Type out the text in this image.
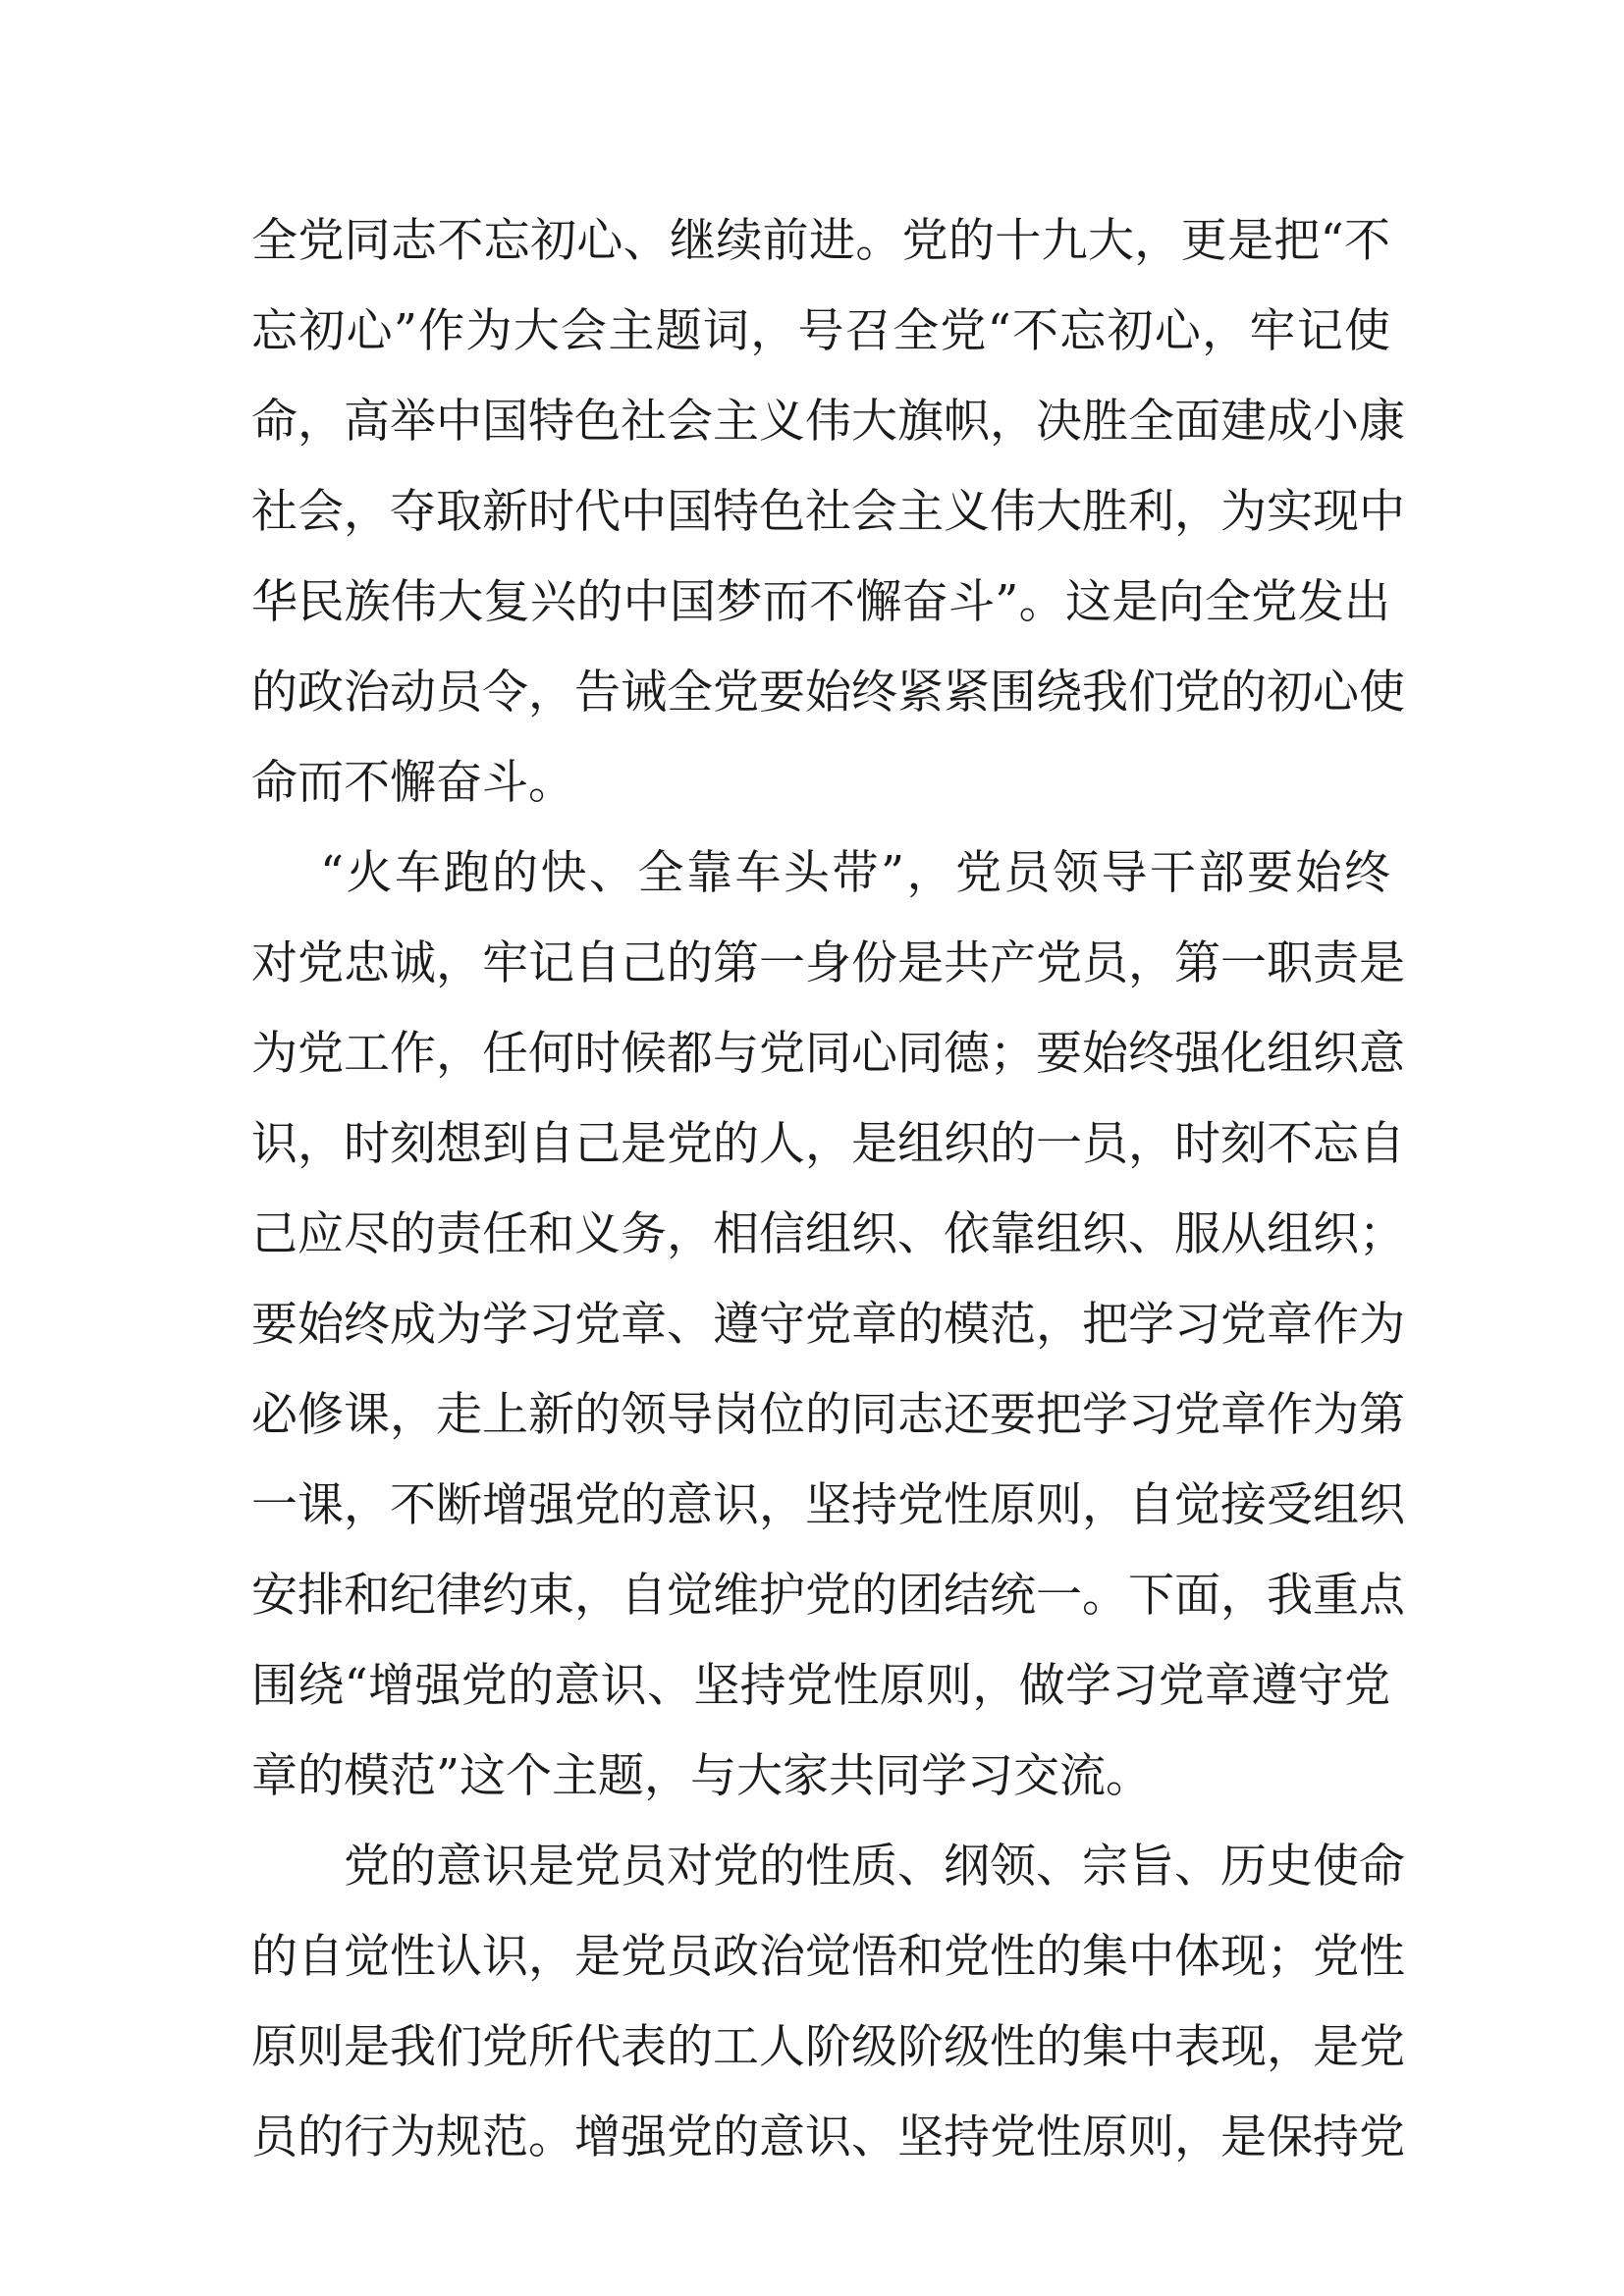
全党同志不忘初心、继续前进。党的十九大，更是把“不
忘初心”作为大会主题词，号召全党“不忘初心，牢记使
命，高举中国特色社会主义伟大旗帜，决胜全面建成小康
社会，夺取新时代中国特色社会主义伟大胜利，为实现中
华民族伟大复兴的中国梦而不懈奋斗”。这是向全党发出
的政治动员令，告诫全党要始终紧紧围绕我们党的初心使
命而不懈奋斗。
“火车跑的快、全靠车头带”，党员领导干部要始终
对党忠诚，牢记自己的第一身份是共产党员，第一职责是
为党工作，任何时候都与党同心同德；要始终强化组织意
识，时刻想到自己是党的人，是组织的一员，时刻不忘自
己应尽的责任和义务，相信组织、依靠组织、服从组织；
要始终成为学习党章、遵守党章的模范，把学习党章作为
必修课，走上新的领导岗位的同志还要把学习党章作为第
一课，不断增强党的意识，坚持党性原则，自觉接受组织
安排和纪律约束，自觉维护党的团结统一。下面，我重点
围绕“增强党的意识、坚持党性原则，做学习党章遵守党
章的模范”这个主题，与大家共同学习交流。
党的意识是党员对党的性质、纲领、宗旨、历史使命
的自觉性认识，是党员政治觉悟和党性的集中体现；党性
原则是我们党所代表的工人阶级阶级性的集中表现，是党
员的行为规范。增强党的意识、坚持党性原则，是保持党
